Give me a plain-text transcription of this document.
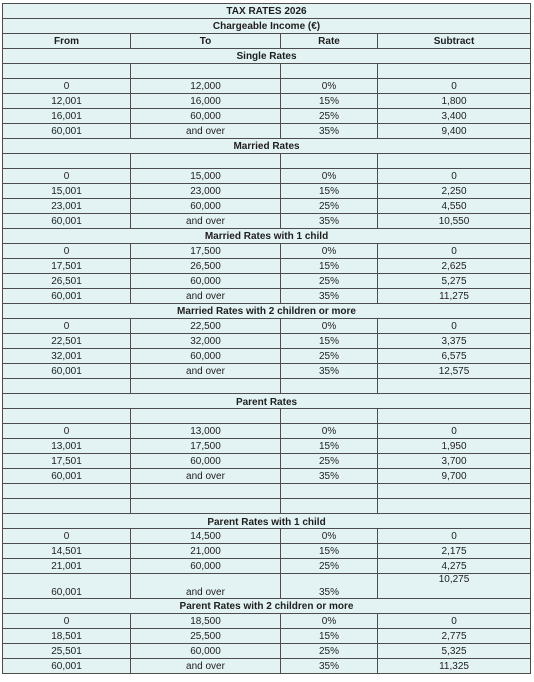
TAX RATES 2026			
Chargeable Income (€)			
From	To	Rate	Subtract
Single Rates			

0	12,000	0%	0
12,001	16,000	15%	1,800
16,001	60,000	25%	3,400
60,001	and over	35%	9,400
Married Rates			

0	15,000	0%	0
15,001	23,000	15%	2,250
23,001	60,000	25%	4,550
60,001	and over	35%	10,550
Married Rates with 1 child			
0	17,500	0%	0
17,501	26,500	15%	2,625
26,501	60,000	25%	5,275
60,001	and over	35%	11,275
Married Rates with 2 children or more			
0	22,500	0%	0
22,501	32,000	15%	3,375
32,001	60,000	25%	6,575
60,001	and over	35%	12,575

Parent Rates			

0	13,000	0%	0
13,001	17,500	15%	1,950
17,501	60,000	25%	3,700
60,001	and over	35%	9,700

Parent Rates with 1 child			
0	14,500	0%	0
14,501	21,000	15%	2,175
21,001	60,000	25%	4,275
60,001	and over	35%	10,275
Parent Rates with 2 children or more			
0	18,500	0%	0
18,501	25,500	15%	2,775
25,501	60,000	25%	5,325
60,001	and over	35%	11,325
